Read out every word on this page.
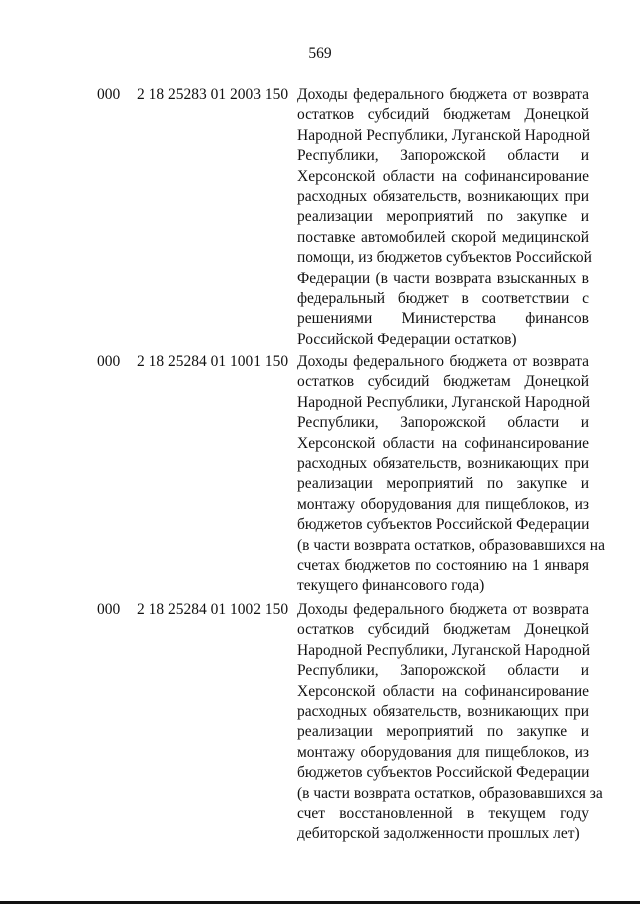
569
000 2 18 25283 01 2003 150 Доходы федерального бюджета от возврата
остатков субсидий бюджетам Донецкой
Народной Республики, Луганской Народной
Республики, Запорожской области и
Херсонской области на софинансирование
расходных обязательств, возникающих при
реализации мероприятий по закупке и
поставке автомобилей скорой медицинской
помощи, из бюджетов субъектов Российской
Федерации (в части возврата взысканных в
федеральный бюджет в соответствии с
решениями Министерства финансов
Российской Федерации остатков)
000 2 18 25284 01 1001 150 Доходы федерального бюджета от возврата
остатков субсидий бюджетам Донецкой
Народной Республики, Луганской Народной
Республики, Запорожской области и
Херсонской области на софинансирование
расходных обязательств, возникающих при
реализации мероприятий по закупке и
монтажу оборудования для пищеблоков, из
бюджетов субъектов Российской Федерации
(в части возврата остатков, образовавшихся на
счетах бюджетов по состоянию на 1 января
текущего финансового года)
000 2 18 25284 01 1002 150 Доходы федерального бюджета от возврата
остатков субсидий бюджетам Донецкой
Народной Республики, Луганской Народной
Республики, Запорожской области и
Херсонской области на софинансирование
расходных обязательств, возникающих при
реализации мероприятий по закупке и
монтажу оборудования для пищеблоков, из
бюджетов субъектов Российской Федерации
(в части возврата остатков, образовавшихся за
счет восстановленной в текущем году
дебиторской задолженности прошлых лет)
